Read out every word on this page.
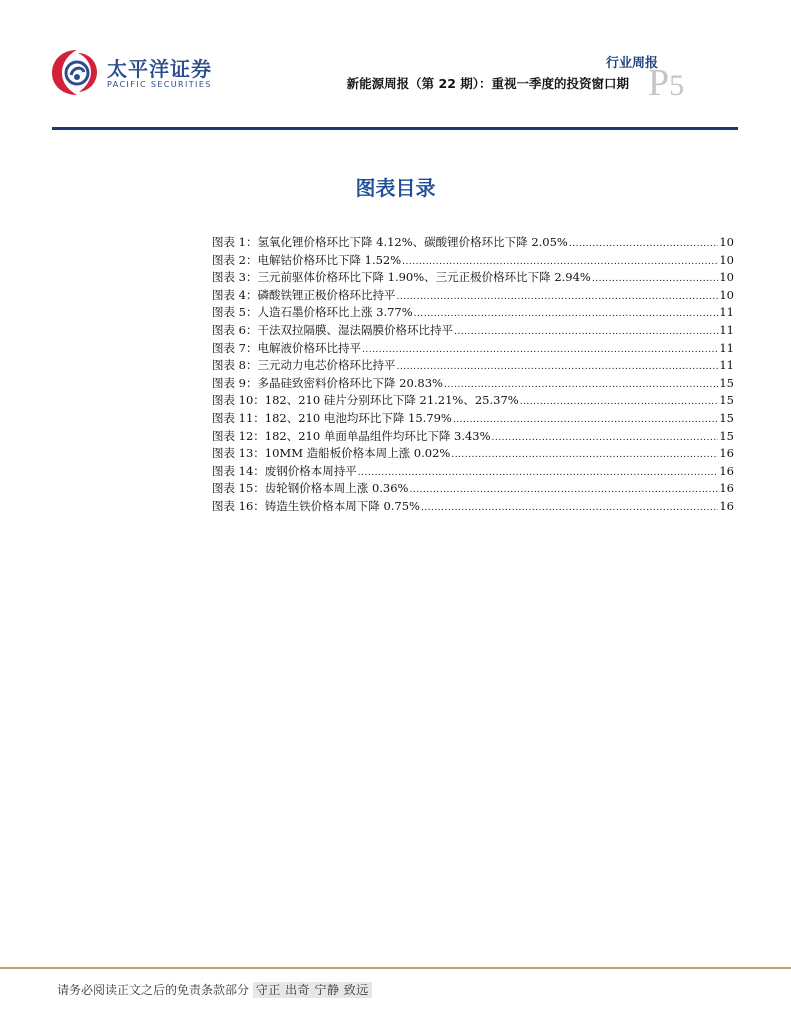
太平洋证券
PACIFIC SECURITIES
行业周报
新能源周报（第 22 期）：重视一季度的投资窗口期 P5
图表目录
图表 1：氢氧化锂价格环比下降 4.12%、碳酸锂价格环比下降 2.05% .....	10
图表 2：电解钴价格环比下降 1.52% .....	10
图表 3：三元前驱体价格环比下降 1.90%、三元正极价格环比下降 2.94% .....	10
图表 4：磷酸铁锂正极价格环比持平 .....	10
图表 5：人造石墨价格环比上涨 3.77% .....	11
图表 6：干法双拉隔膜、湿法隔膜价格环比持平 .....	11
图表 7：电解液价格环比持平 .....	11
图表 8：三元动力电芯价格环比持平 .....	11
图表 9：多晶硅致密料价格环比下降 20.83% .....	15
图表 10：182、210 硅片分别环比下降 21.21%、25.37% .....	15
图表 11：182、210 电池均环比下降 15.79% .....	15
图表 12：182、210 单面单晶组件均环比下降 3.43% .....	15
图表 13：10MM 造船板价格本周上涨 0.02% .....	16
图表 14：废钢价格本周持平 .....	16
图表 15：齿轮钢价格本周上涨 0.36% .....	16
图表 16：铸造生铁价格本周下降 0.75% .....	16
请务必阅读正文之后的免责条款部分 守正 出奇 宁静 致远
